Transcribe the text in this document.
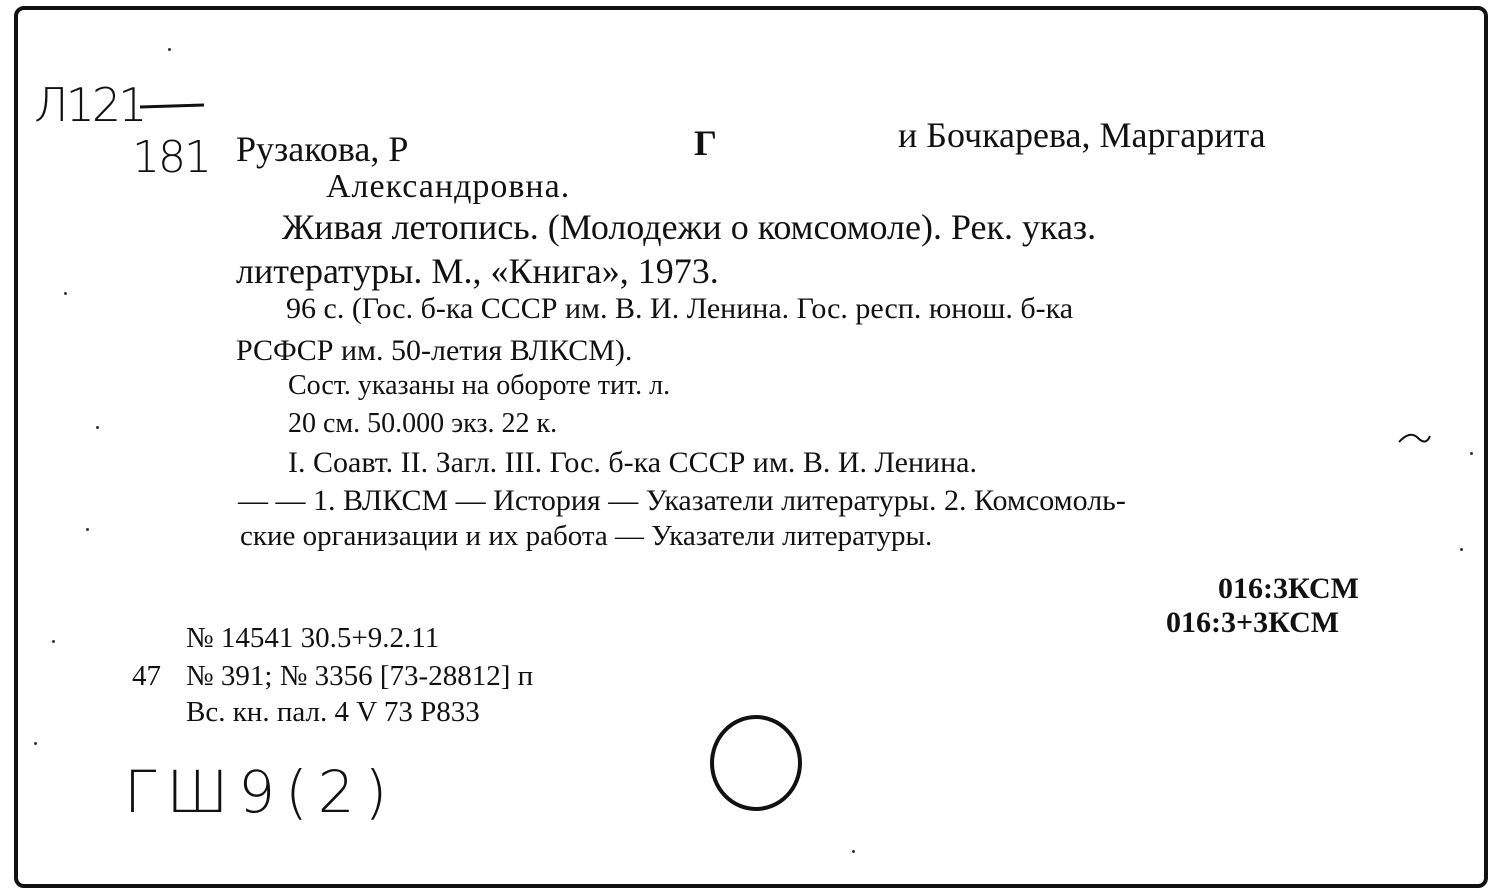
Л121
181 Рузакова, Р	Г	и Бочкарева, Маргарита
Александровна.
Живая летопись. (Молодежи о комсомоле). Рек. указ.
литературы. М., «Книга», 1973.
96 с. (Гос. б-ка СССР им. В. И. Ленина. Гос. респ. юнош. б-ка
РСФСР им. 50-летия ВЛКСМ).
Сост. указаны на обороте тит. л.
20 см. 50.000 экз. 22 к.
I. Соавт. II. Загл. III. Гос. б-ка СССР им. В. И. Ленина.
— — 1. ВЛКСМ — История — Указатели литературы. 2. Комсомоль-
ские организации и их работа — Указатели литературы.
016:3КСМ
016:3+3КСМ
№ 14541 30.5+9.2.11
47 № 391; № 3356 [73-28812] п
Вс. кн. пал. 4 V 73 Р833
ГШ9(2)
